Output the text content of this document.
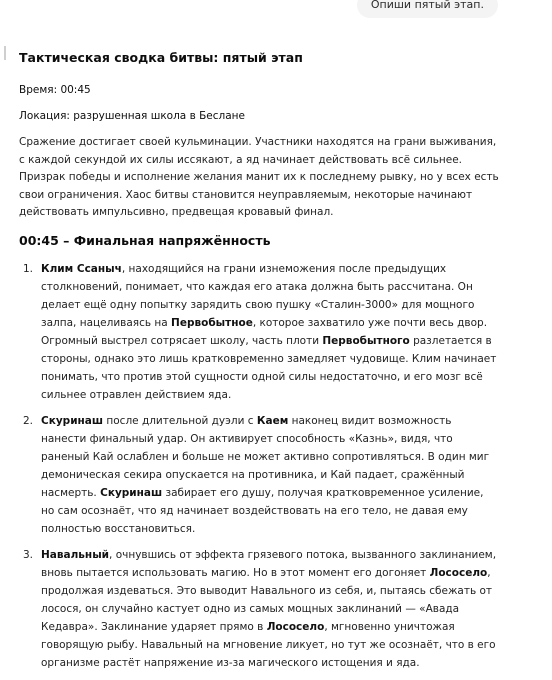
Опиши пятый этап.
Тактическая сводка битвы: пятый этап

Время: 00:45

Локация: разрушенная школа в Беслане

Сражение достигает своей кульминации. Участники находятся на грани выживания, с каждой секундой их силы иссякают, а яд начинает действовать всё сильнее. Призрак победы и исполнение желания манит их к последнему рывку, но у всех есть свои ограничения. Хаос битвы становится неуправляемым, некоторые начинают действовать импульсивно, предвещая кровавый финал.

00:45 – Финальная напряжённость
1. Клим Ссаныч, находящийся на грани изнеможения после предыдущих столкновений, понимает, что каждая его атака должна быть рассчитана. Он делает ещё одну попытку зарядить свою пушку «Сталин-3000» для мощного залпа, нацеливаясь на Первобытное, которое захватило уже почти весь двор. Огромный выстрел сотрясает школу, часть плоти Первобытного разлетается в стороны, однако это лишь кратковременно замедляет чудовище. Клим начинает понимать, что против этой сущности одной силы недостаточно, и его мозг всё сильнее отравлен действием яда.
2. Скуринаш после длительной дуэли с Каем наконец видит возможность нанести финальный удар. Он активирует способность «Казнь», видя, что раненый Кай ослаблен и больше не может активно сопротивляться. В один миг демоническая секира опускается на противника, и Кай падает, сражённый насмерть. Скуринаш забирает его душу, получая кратковременное усиление, но сам осознаёт, что яд начинает воздействовать на его тело, не давая ему полностью восстановиться.
3. Навальный, очнувшись от эффекта грязевого потока, вызванного заклинанием, вновь пытается использовать магию. Но в этот момент его догоняет Лососело, продолжая издеваться. Это выводит Навального из себя, и, пытаясь сбежать от лосося, он случайно кастует одно из самых мощных заклинаний — «Авада Кедавра». Заклинание ударяет прямо в Лососело, мгновенно уничтожая говорящую рыбу. Навальный на мгновение ликует, но тут же осознаёт, что в его организме растёт напряжение из-за магического истощения и яда.
